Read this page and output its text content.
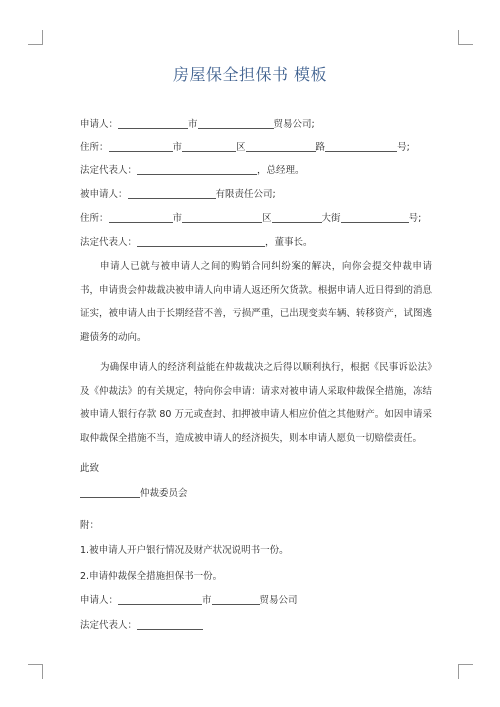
房屋保全担保书 模板
申请人：	市	贸易公司;
住所：	市	区	路	号;
法定代表人：	，总经理。
被申请人：	有限责任公司;
住所：	市	区	大街	号;
法定代表人：	，董事长。
申请人已就与被申请人之间的购销合同纠纷案的解决，向你会提交仲裁申请书，申请贵会仲裁裁决被申请人向申请人返还所欠货款。根据申请人近日得到的消息证实，被申请人由于长期经营不善，亏损严重，已出现变卖车辆、转移资产，试图逃避债务的动向。
为确保申请人的经济利益能在仲裁裁决之后得以顺利执行，根据《民事诉讼法》及《仲裁法》的有关规定，特向你会申请：请求对被申请人采取仲裁保全措施，冻结被申请人银行存款 80 万元或查封、扣押被申请人相应价值之其他财产。如因申请采取仲裁保全措施不当，造成被申请人的经济损失，则本申请人愿负一切赔偿责任。
此致
仲裁委员会
附：
1.被申请人开户银行情况及财产状况说明书一份。
2.申请仲裁保全措施担保书一份。
申请人：	市	贸易公司
法定代表人：
